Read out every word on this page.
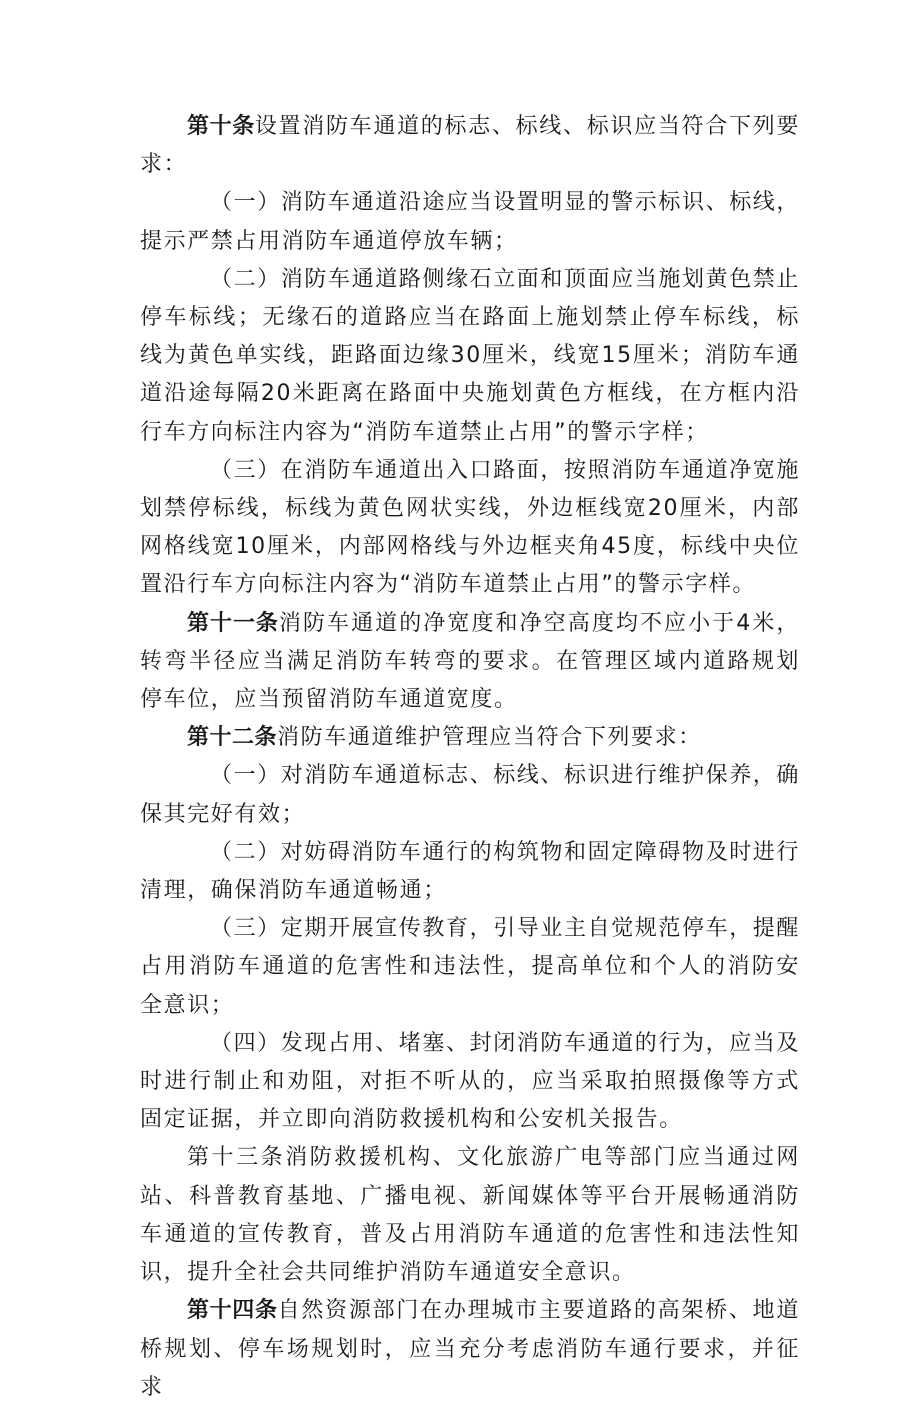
第十条设置消防车通道的标志、标线、标识应当符合下列要求：

（一）消防车通道沿途应当设置明显的警示标识、标线，提示严禁占用消防车通道停放车辆；

（二）消防车通道路侧缘石立面和顶面应当施划黄色禁止停车标线；无缘石的道路应当在路面上施划禁止停车标线，标线为黄色单实线，距路面边缘30厘米，线宽15厘米；消防车通道沿途每隔20米距离在路面中央施划黄色方框线，在方框内沿行车方向标注内容为“消防车道禁止占用”的警示字样；

（三）在消防车通道出入口路面，按照消防车通道净宽施划禁停标线，标线为黄色网状实线，外边框线宽20厘米，内部网格线宽10厘米，内部网格线与外边框夹角45度，标线中央位置沿行车方向标注内容为“消防车道禁止占用”的警示字样。

第十一条消防车通道的净宽度和净空高度均不应小于4米，转弯半径应当满足消防车转弯的要求。在管理区域内道路规划停车位，应当预留消防车通道宽度。

第十二条消防车通道维护管理应当符合下列要求：

（一）对消防车通道标志、标线、标识进行维护保养，确保其完好有效；

（二）对妨碍消防车通行的构筑物和固定障碍物及时进行清理，确保消防车通道畅通；

（三）定期开展宣传教育，引导业主自觉规范停车，提醒占用消防车通道的危害性和违法性，提高单位和个人的消防安全意识；

（四）发现占用、堵塞、封闭消防车通道的行为，应当及时进行制止和劝阻，对拒不听从的，应当采取拍照摄像等方式固定证据，并立即向消防救援机构和公安机关报告。

第十三条消防救援机构、文化旅游广电等部门应当通过网站、科普教育基地、广播电视、新闻媒体等平台开展畅通消防车通道的宣传教育，普及占用消防车通道的危害性和违法性知识，提升全社会共同维护消防车通道安全意识。

第十四条自然资源部门在办理城市主要道路的高架桥、地道桥规划、停车场规划时，应当充分考虑消防车通行要求，并征求
